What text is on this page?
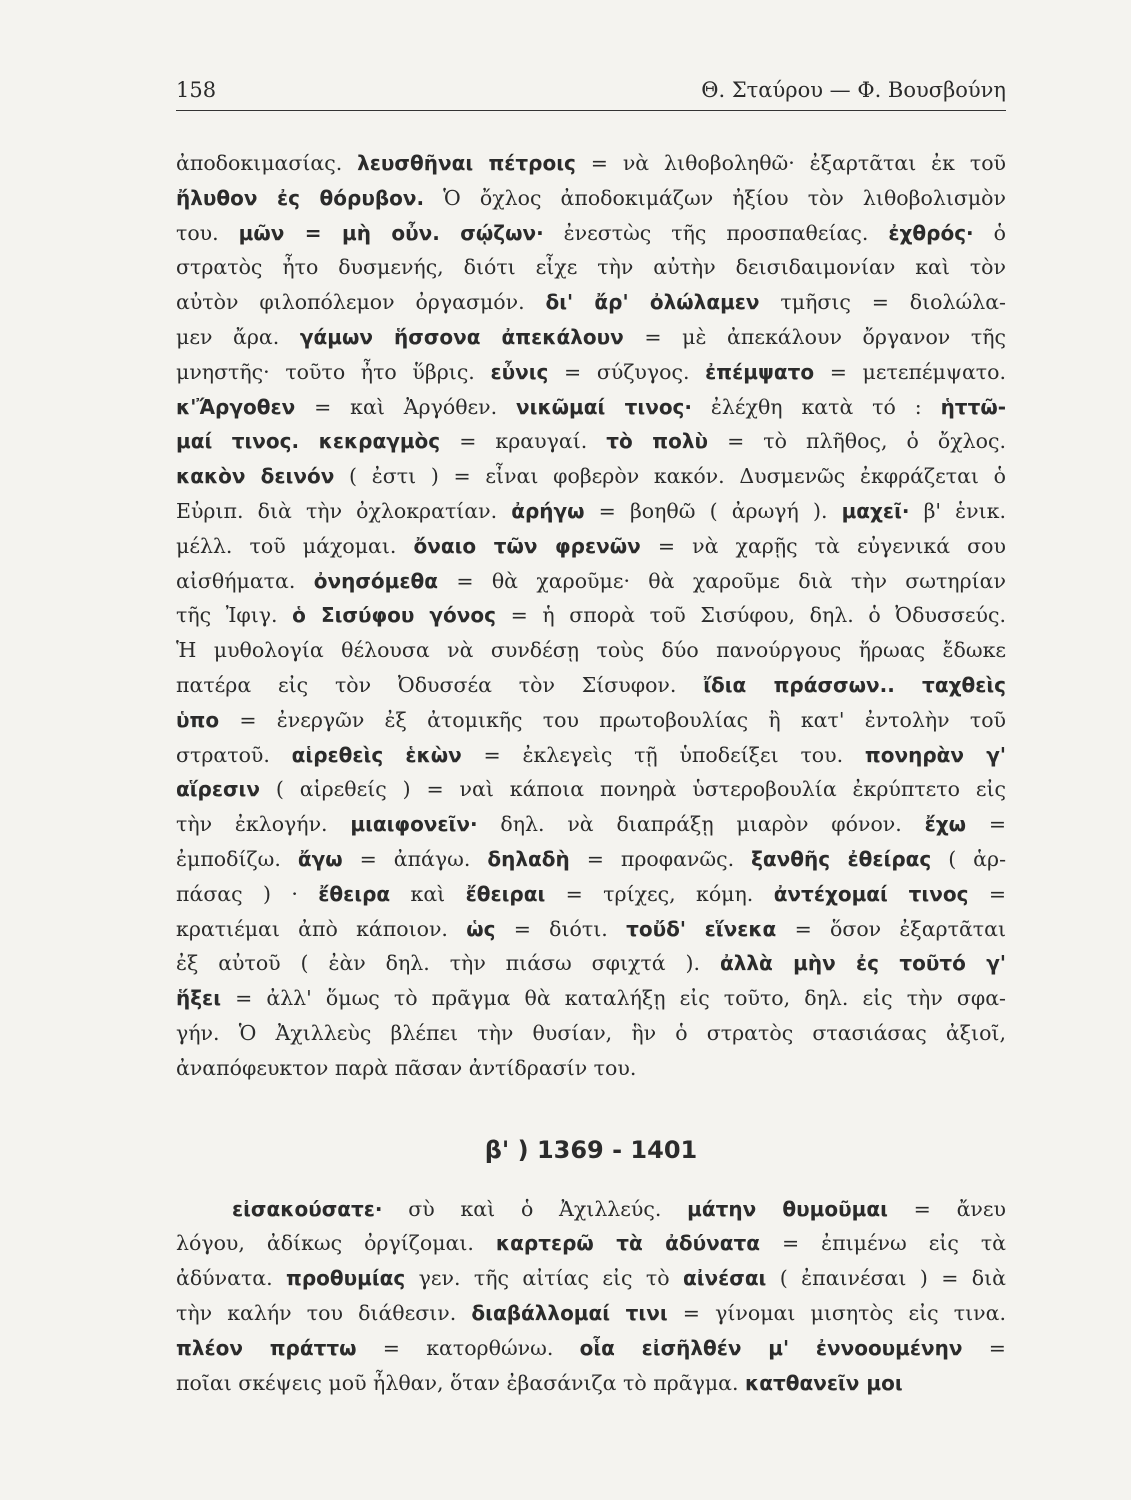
158	Θ. Σταύρου — Φ. Βουσβούνη
ἀποδοκιμασίας. λευσθῆναι πέτροις = νὰ λιθοβοληθῶ· ἐξαρτᾶται ἐκ τοῦ
ἤλυθον ἐς θόρυβον. Ὁ ὄχλος ἀποδοκιμάζων ἠξίου τὸν λιθοβολισμὸν
του. μῶν = μὴ οὖν. σῴζων· ἐνεστὼς τῆς προσπαθείας. ἐχθρός· ὁ
στρατὸς ἦτο δυσμενής, διότι εἶχε τὴν αὐτὴν δεισιδαιμονίαν καὶ τὸν
αὐτὸν φιλοπόλεμον ὀργασμόν. δι' ἄρ' ὀλώλαμεν τμῆσις = διολώλα-
μεν ἄρα. γάμων ἥσσονα ἀπεκάλουν = μὲ ἀπεκάλουν ὄργανον τῆς
μνηστῆς· τοῦτο ἦτο ὕβρις. εὖνις = σύζυγος. ἐπέμψατο = μετεπέμψατο.
κ'Ἄργοθεν = καὶ Ἀργόθεν. νικῶμαί τινος· ἐλέχθη κατὰ τό : ἡττῶ-
μαί τινος. κεκραγμὸς = κραυγαί. τὸ πολὺ = τὸ πλῆθος, ὁ ὄχλος.
κακὸν δεινόν ( ἐστι ) = εἶναι φοβερὸν κακόν. Δυσμενῶς ἐκφράζεται ὁ
Εὐριπ. διὰ τὴν ὀχλοκρατίαν. ἀρήγω = βοηθῶ ( ἀρωγή ). μαχεῖ· β' ἑνικ.
μέλλ. τοῦ μάχομαι. ὄναιο τῶν φρενῶν = νὰ χαρῇς τὰ εὐγενικά σου
αἰσθήματα. ὀνησόμεθα = θὰ χαροῦμε· θὰ χαροῦμε διὰ τὴν σωτηρίαν
τῆς Ἰφιγ. ὁ Σισύφου γόνος = ἡ σπορὰ τοῦ Σισύφου, δηλ. ὁ Ὀδυσσεύς.
Ἡ μυθολογία θέλουσα νὰ συνδέσῃ τοὺς δύο πανούργους ἥρωας ἔδωκε
πατέρα εἰς τὸν Ὀδυσσέα τὸν Σίσυφον. ἴδια πράσσων.. ταχθεὶς
ὑπο = ἐνεργῶν ἐξ ἀτομικῆς του πρωτοβουλίας ἢ κατ' ἐντολὴν τοῦ
στρατοῦ. αἱρεθεὶς ἑκὼν = ἐκλεγεὶς τῇ ὑποδείξει του. πονηρὰν γ'
αἵρεσιν ( αἱρεθείς ) = ναὶ κάποια πονηρὰ ὑστεροβουλία ἐκρύπτετο εἰς
τὴν ἐκλογήν. μιαιφονεῖν· δηλ. νὰ διαπράξῃ μιαρὸν φόνον. ἔχω =
ἐμποδίζω. ἄγω = ἀπάγω. δηλαδὴ = προφανῶς. ξανθῆς ἐθείρας ( ἁρ-
πάσας ) · ἔθειρα καὶ ἔθειραι = τρίχες, κόμη. ἀντέχομαί τινος =
κρατιέμαι ἀπὸ κάποιον. ὡς = διότι. τοὔδ' εἵνεκα = ὅσον ἐξαρτᾶται
ἐξ αὐτοῦ ( ἐὰν δηλ. τὴν πιάσω σφιχτά ). ἀλλὰ μὴν ἐς τοῦτό γ'
ἥξει = ἀλλ' ὅμως τὸ πρᾶγμα θὰ καταλήξῃ εἰς τοῦτο, δηλ. εἰς τὴν σφα-
γήν. Ὁ Ἀχιλλεὺς βλέπει τὴν θυσίαν, ἣν ὁ στρατὸς στασιάσας ἀξιοῖ,
ἀναπόφευκτον παρὰ πᾶσαν ἀντίδρασίν του.
β' ) 1369 - 1401
εἰσακούσατε· σὺ καὶ ὁ Ἀχιλλεύς. μάτην θυμοῦμαι = ἄνευ
λόγου, ἀδίκως ὀργίζομαι. καρτερῶ τὰ ἀδύνατα = ἐπιμένω εἰς τὰ
ἀδύνατα. προθυμίας γεν. τῆς αἰτίας εἰς τὸ αἰνέσαι ( ἐπαινέσαι ) = διὰ
τὴν καλήν του διάθεσιν. διαβάλλομαί τινι = γίνομαι μισητὸς εἰς τινα.
πλέον πράττω = κατορθώνω. οἷα εἰσῆλθέν μ' ἐννοουμένην =
ποῖαι σκέψεις μοῦ ἦλθαν, ὅταν ἐβασάνιζα τὸ πρᾶγμα. κατθανεῖν μοι
